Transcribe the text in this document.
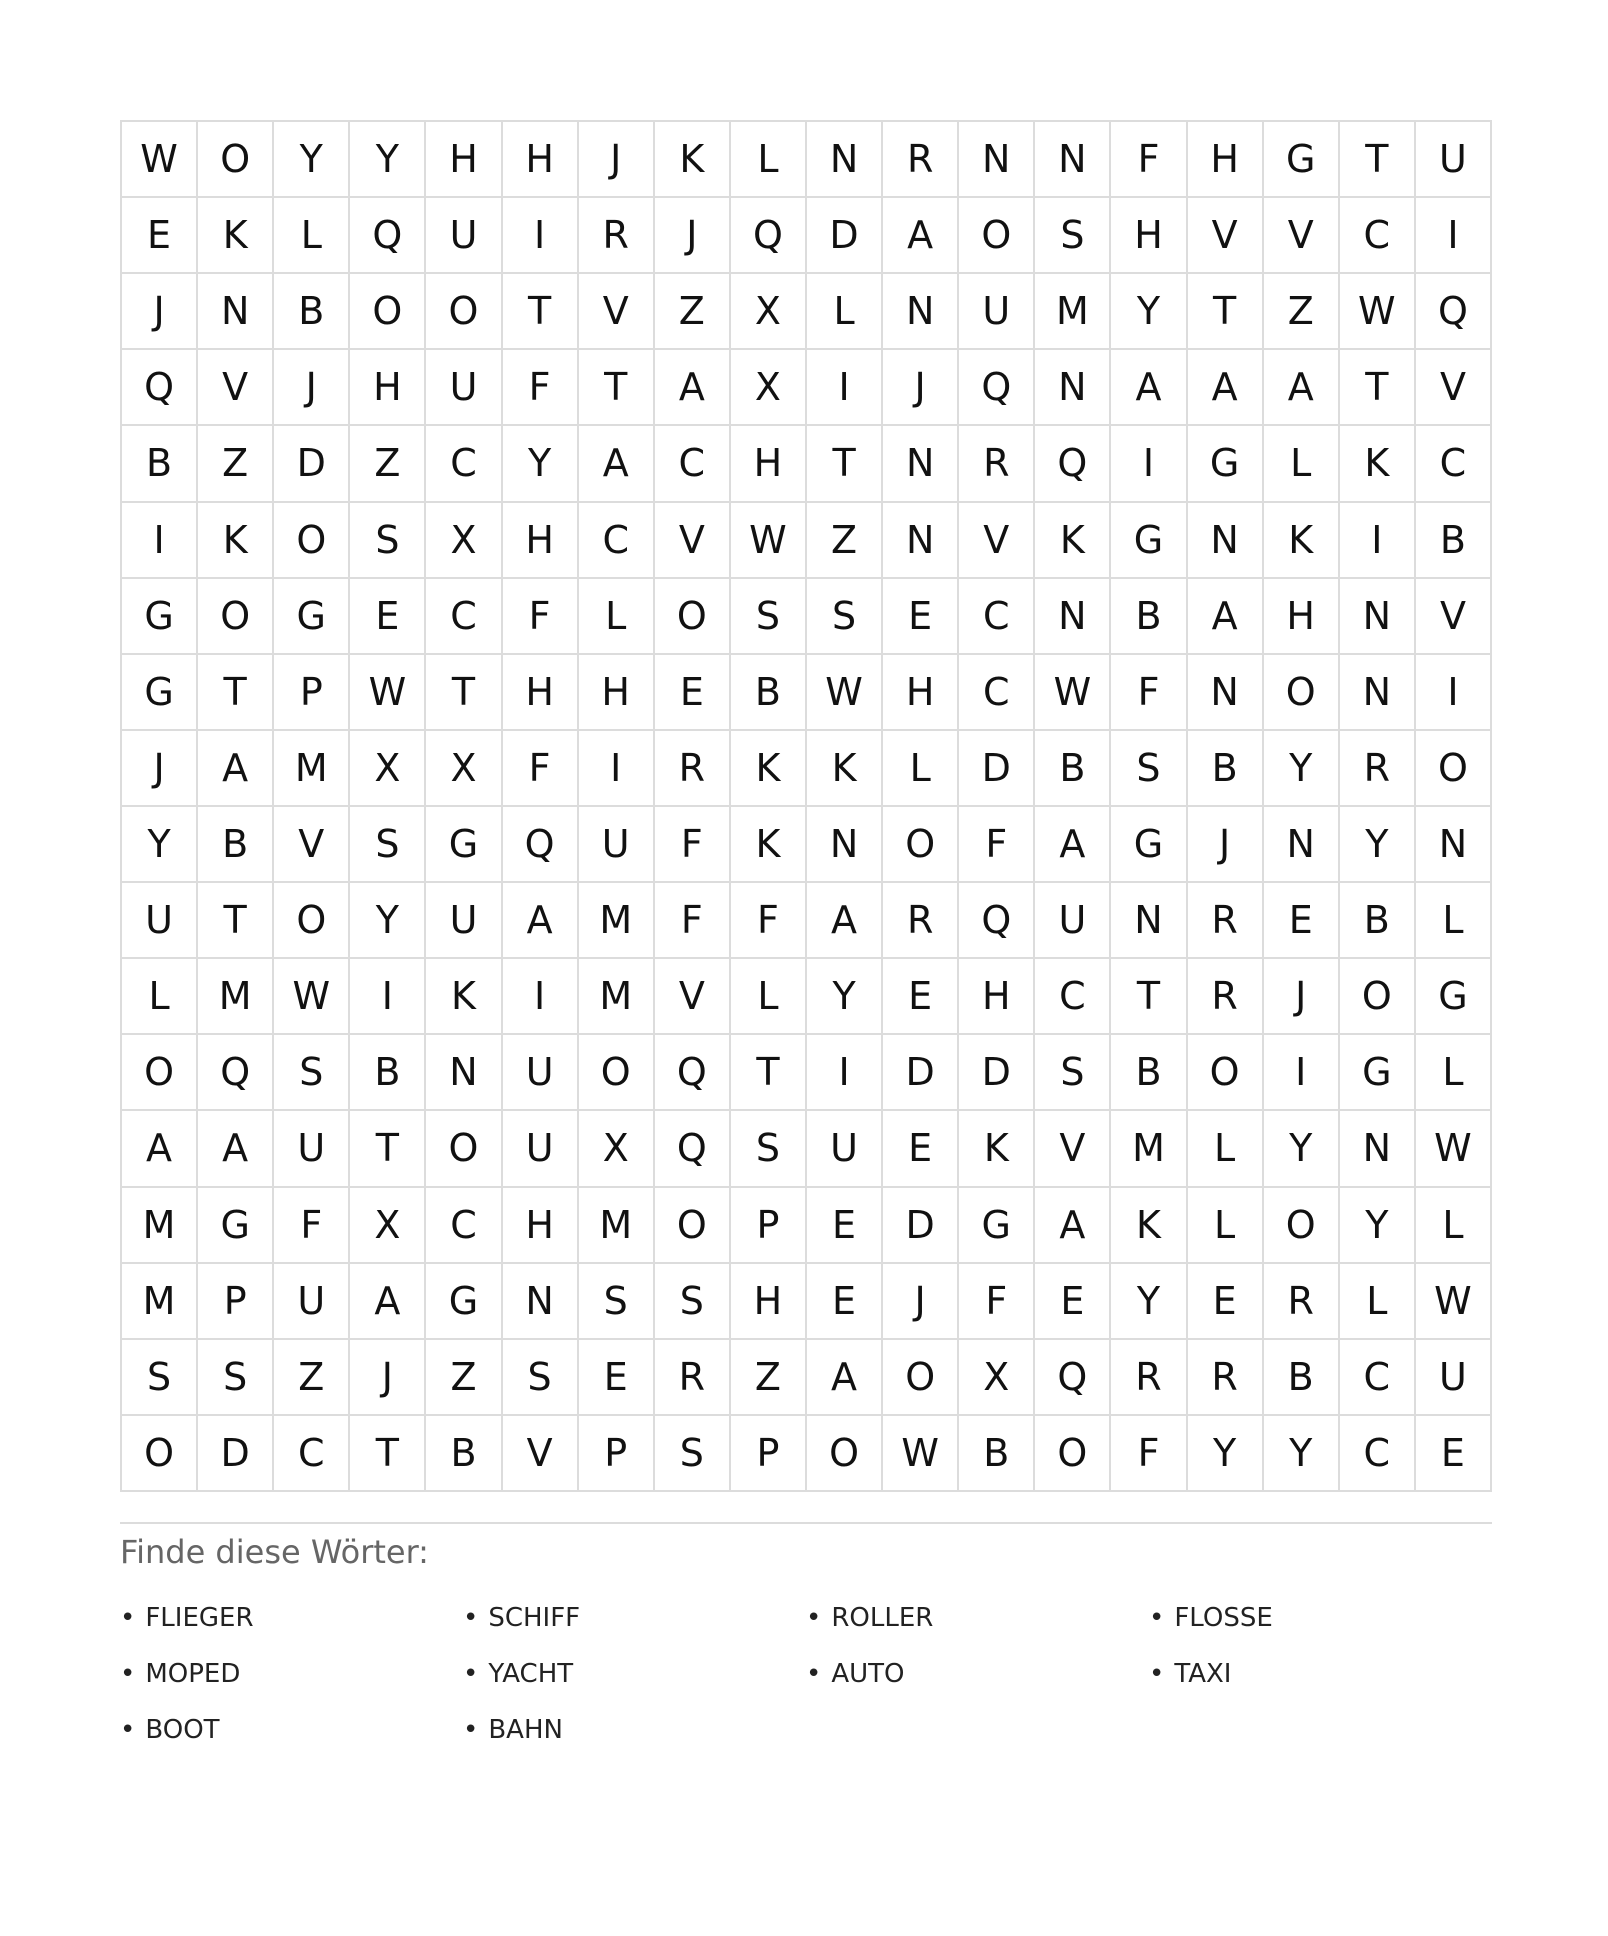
W	O	Y	Y	H	H	J	K	L	N	R	N	N	F	H	G	T	U
E	K	L	Q	U	I	R	J	Q	D	A	O	S	H	V	V	C	I
J	N	B	O	O	T	V	Z	X	L	N	U	M	Y	T	Z	W	Q
Q	V	J	H	U	F	T	A	X	I	J	Q	N	A	A	A	T	V
B	Z	D	Z	C	Y	A	C	H	T	N	R	Q	I	G	L	K	C
I	K	O	S	X	H	C	V	W	Z	N	V	K	G	N	K	I	B
G	O	G	E	C	F	L	O	S	S	E	C	N	B	A	H	N	V
G	T	P	W	T	H	H	E	B	W	H	C	W	F	N	O	N	I
J	A	M	X	X	F	I	R	K	K	L	D	B	S	B	Y	R	O
Y	B	V	S	G	Q	U	F	K	N	O	F	A	G	J	N	Y	N
U	T	O	Y	U	A	M	F	F	A	R	Q	U	N	R	E	B	L
L	M	W	I	K	I	M	V	L	Y	E	H	C	T	R	J	O	G
O	Q	S	B	N	U	O	Q	T	I	D	D	S	B	O	I	G	L
A	A	U	T	O	U	X	Q	S	U	E	K	V	M	L	Y	N	W
M	G	F	X	C	H	M	O	P	E	D	G	A	K	L	O	Y	L
M	P	U	A	G	N	S	S	H	E	J	F	E	Y	E	R	L	W
S	S	Z	J	Z	S	E	R	Z	A	O	X	Q	R	R	B	C	U
O	D	C	T	B	V	P	S	P	O	W	B	O	F	Y	Y	C	E
Finde diese Wörter:
• FLIEGER	• SCHIFF	• ROLLER	• FLOSSE
• MOPED	• YACHT	• AUTO	• TAXI
• BOOT	• BAHN
